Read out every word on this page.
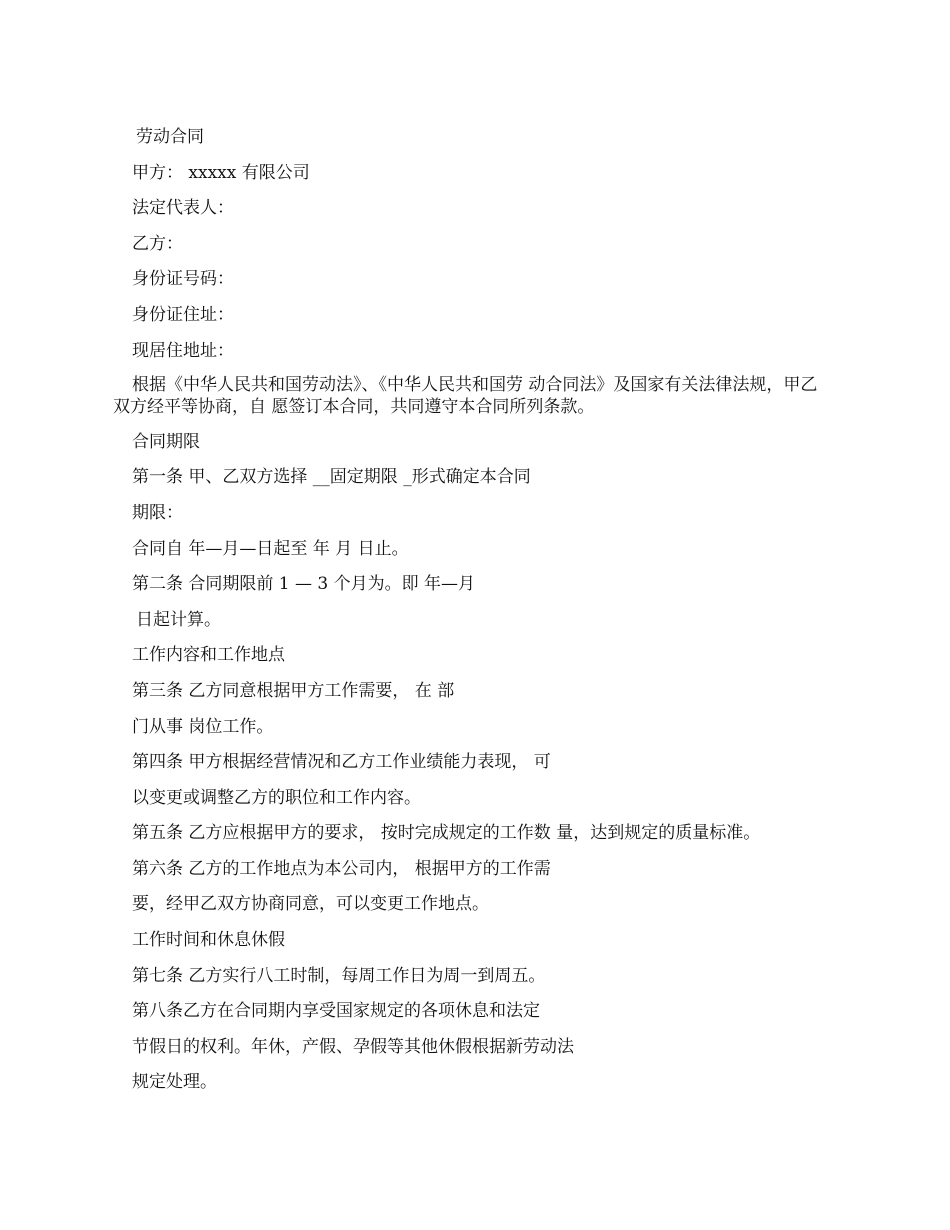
劳动合同
甲方： xxxxx 有限公司
法定代表人：
乙方：
身份证号码：
身份证住址：
现居住地址：
根据《中华人民共和国劳动法》、《中华人民共和国劳 动合同法》及国家有关法律法规，甲乙双方经平等协商，自 愿签订本合同，共同遵守本合同所列条款。
合同期限
第一条 甲、乙双方选择 __固定期限 _形式确定本合同
期限：
合同自 年—月—日起至 年 月 日止。
第二条 合同期限前 1 — 3 个月为。即 年—月
日起计算。
工作内容和工作地点
第三条 乙方同意根据甲方工作需要， 在 部
门从事 岗位工作。
第四条 甲方根据经营情况和乙方工作业绩能力表现， 可
以变更或调整乙方的职位和工作内容。
第五条 乙方应根据甲方的要求， 按时完成规定的工作数 量，达到规定的质量标准。
第六条 乙方的工作地点为本公司内， 根据甲方的工作需
要，经甲乙双方协商同意，可以变更工作地点。
工作时间和休息休假
第七条 乙方实行八工时制，每周工作日为周一到周五。
第八条乙方在合同期内享受国家规定的各项休息和法定
节假日的权利。年休，产假、孕假等其他休假根据新劳动法
规定处理。
